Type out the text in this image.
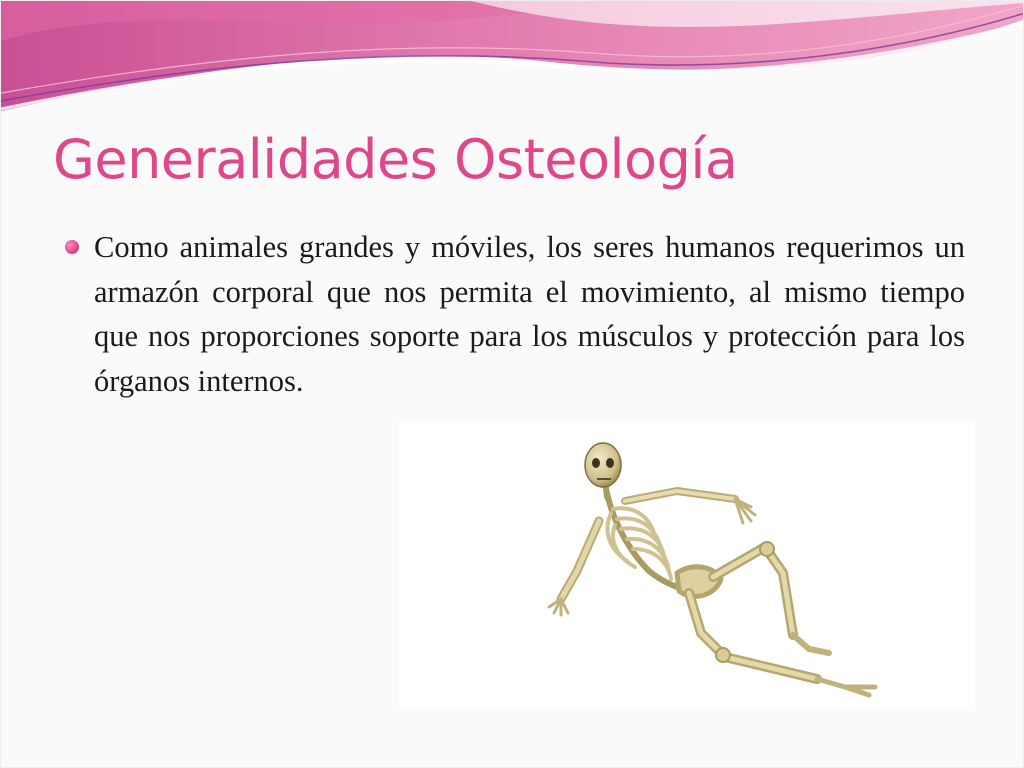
Generalidades Osteología
Como animales grandes y móviles, los seres humanos requerimos un armazón corporal que nos permita el movimiento, al mismo tiempo que nos proporciones soporte para los músculos y protección para los órganos internos.
